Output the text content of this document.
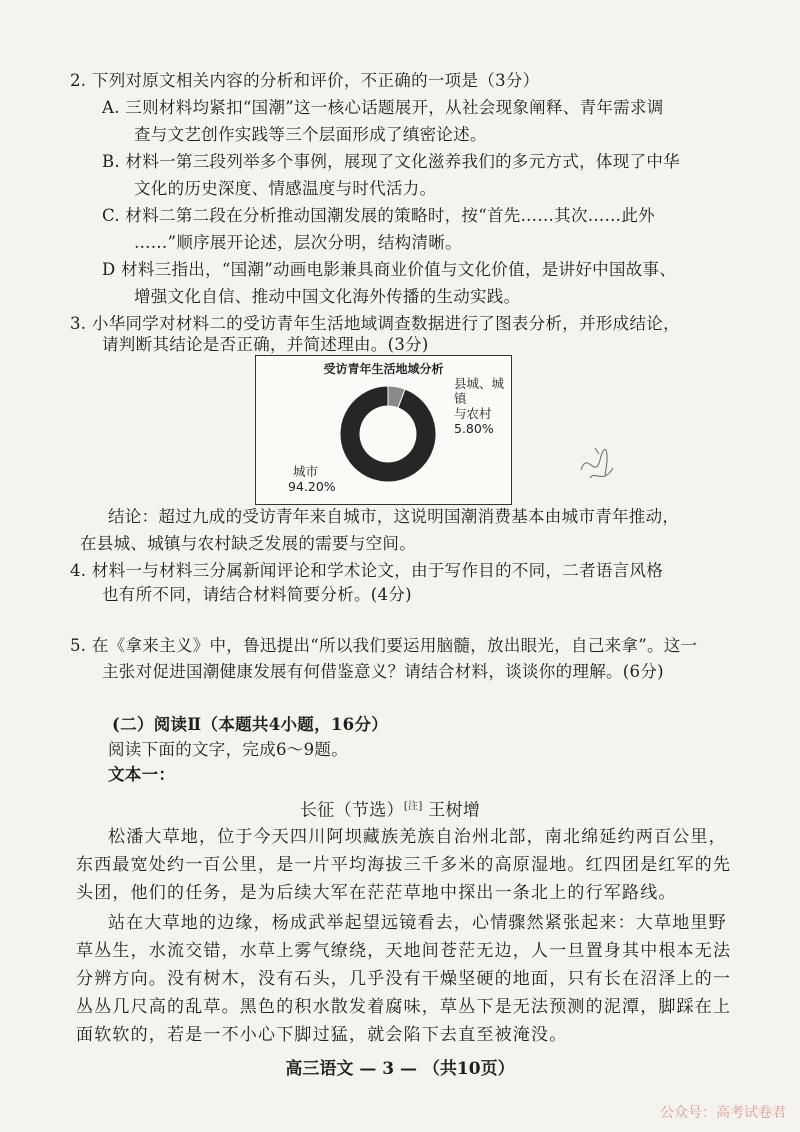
2. 下列对原文相关内容的分析和评价，不正确的一项是（3分）
A. 三则材料均紧扣“国潮”这一核心话题展开，从社会现象阐释、青年需求调
查与文艺创作实践等三个层面形成了缜密论述。
B. 材料一第三段列举多个事例，展现了文化滋养我们的多元方式，体现了中华
文化的历史深度、情感温度与时代活力。
C. 材料二第二段在分析推动国潮发展的策略时，按“首先……其次……此外
……”顺序展开论述，层次分明，结构清晰。
D 材料三指出，“国潮”动画电影兼具商业价值与文化价值，是讲好中国故事、
增强文化自信、推动中国文化海外传播的生动实践。
3. 小华同学对材料二的受访青年生活地域调查数据进行了图表分析，并形成结论，
请判断其结论是否正确，并简述理由。(3分)
受访青年生活地域分析
县城、城镇
与农村
5.80%
城市
94.20%
结论：超过九成的受访青年来自城市，这说明国潮消费基本由城市青年推动，
在县城、城镇与农村缺乏发展的需要与空间。
4. 材料一与材料三分属新闻评论和学术论文，由于写作目的不同，二者语言风格
也有所不同，请结合材料简要分析。(4分)
5. 在《拿来主义》中，鲁迅提出“所以我们要运用脑髓，放出眼光，自己来拿”。这一
主张对促进国潮健康发展有何借鉴意义？请结合材料，谈谈你的理解。(6分)
(二）阅读Ⅱ（本题共4小题，16分）
阅读下面的文字，完成6～9题。
文本一：
长征（节选）[注] 王树增
松潘大草地，位于今天四川阿坝藏族羌族自治州北部，南北绵延约两百公里，
东西最宽处约一百公里，是一片平均海拔三千多米的高原湿地。红四团是红军的先
头团，他们的任务，是为后续大军在茫茫草地中探出一条北上的行军路线。
站在大草地的边缘，杨成武举起望远镜看去，心情骤然紧张起来：大草地里野
草丛生，水流交错，水草上雾气缭绕，天地间苍茫无边，人一旦置身其中根本无法
分辨方向。没有树木，没有石头，几乎没有干燥坚硬的地面，只有长在沼泽上的一
丛丛几尺高的乱草。黑色的积水散发着腐味，草丛下是无法预测的泥潭，脚踩在上
面软软的，若是一不小心下脚过猛，就会陷下去直至被淹没。
高三语文 — 3 — （共10页）
公众号：高考试卷君
